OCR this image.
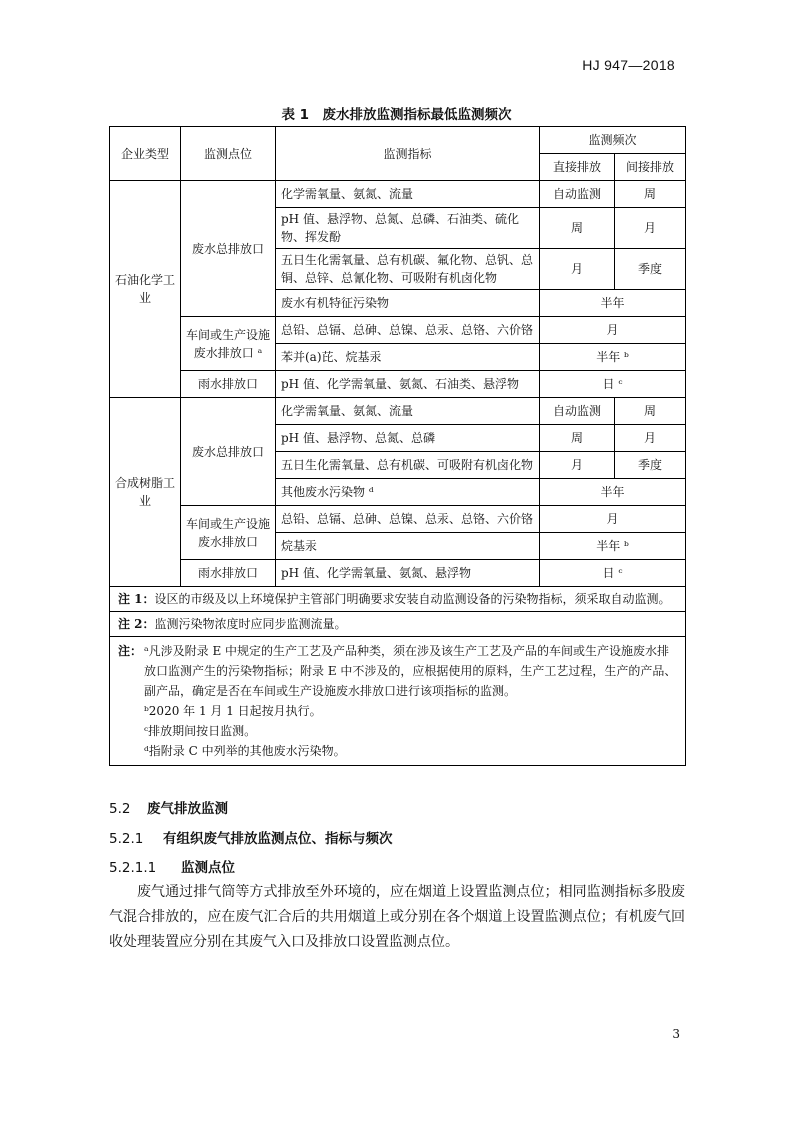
HJ 947—2018
表 1　废水排放监测指标最低监测频次
企业类型	监测点位	监测指标	监测频次	
			直接排放	间接排放
石油化学工业	废水总排放口	化学需氧量、氨氮、流量	自动监测	周
		pH 值、悬浮物、总氮、总磷、石油类、硫化物、挥发酚	周	月
		五日生化需氧量、总有机碳、氟化物、总钒、总铜、总锌、总氰化物、可吸附有机卤化物	月	季度
		废水有机特征污染物	半年	
	车间或生产设施废水排放口 ᵃ	总铅、总镉、总砷、总镍、总汞、总铬、六价铬	月	
		苯并(a)芘、烷基汞	半年 ᵇ	
	雨水排放口	pH 值、化学需氧量、氨氮、石油类、悬浮物	日 ᶜ	
合成树脂工业	废水总排放口	化学需氧量、氨氮、流量	自动监测	周
		pH 值、悬浮物、总氮、总磷	周	月
		五日生化需氧量、总有机碳、可吸附有机卤化物	月	季度
		其他废水污染物 ᵈ	半年	
	车间或生产设施废水排放口	总铅、总镉、总砷、总镍、总汞、总铬、六价铬	月	
		烷基汞	半年 ᵇ	
	雨水排放口	pH 值、化学需氧量、氨氮、悬浮物	日 ᶜ	
注 1：设区的市级及以上环境保护主管部门明确要求安装自动监测设备的污染物指标，须采取自动监测。				
注 2：监测污染物浓度时应同步监测流量。				

注： ᵃ凡涉及附录 E 中规定的生产工艺及产品种类，须在涉及该生产工艺及产品的车间或生产设施废水排放口监测产生的污染物指标；附录 E 中不涉及的，应根据使用的原料，生产工艺过程，生产的产品、副产品，确定是否在车间或生产设施废水排放口进行该项指标的监测。
ᵇ2020 年 1 月 1 日起按月执行。
ᶜ排放期间按日监测。
ᵈ指附录 C 中列举的其他废水污染物。				
5.2 废气排放监测
5.2.1 有组织废气排放监测点位、指标与频次
5.2.1.1 监测点位
废气通过排气筒等方式排放至外环境的，应在烟道上设置监测点位；相同监测指标多股废气混合排放的，应在废气汇合后的共用烟道上或分别在各个烟道上设置监测点位；有机废气回收处理装置应分别在其废气入口及排放口设置监测点位。
3
